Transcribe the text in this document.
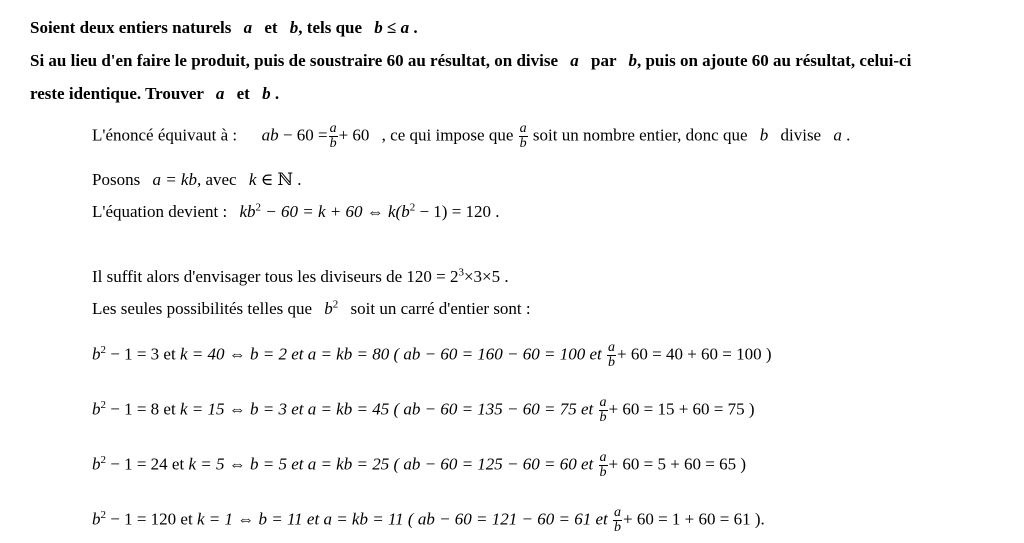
Soient deux entiers naturels a et b, tels que b ≤ a .
Si au lieu d'en faire le produit, puis de soustraire 60 au résultat, on divise a par b, puis on ajoute 60 au résultat, celui-ci
reste identique. Trouver a et b .
L'énoncé équivaut à : ab − $60 = \frac{a}{b} + 60$ , ce qui impose que $\frac{a}{b}$ soit un nombre entier, donc que b divise a .
Posons a = kb, avec k ∈ ℕ .
L'équation devient : $kb^2 - 60 = k + 60$ ⇔ $k(b^2 - 1) = 120$ .
Il suffit alors d'envisager tous les diviseurs de $120 = 2^3\times 3\times 5$ .
Les seules possibilités telles que $b^2$ soit un carré d'entier sont :
$b^2 - 1 = 3$ et k = 40 ⇔ b = 2 et a = kb = 80 ( ab − 60 = 160 − 60 = 100 et $\frac{a}{b} + 60 = 40 + 60 = 100$ )
$b^2 - 1 = 8$ et k = 15 ⇔ b = 3 et a = kb = 45 ( ab − 60 = 135 − 60 = 75 et $\frac{a}{b} + 60 = 15 + 60 = 75$ )
$b^2 - 1 = 24$ et k = 5 ⇔ b = 5 et a = kb = 25 ( ab − 60 = 125 − 60 = 60 et $\frac{a}{b} + 60 = 5 + 60 = 65$ )
$b^2 - 1 = 120$ et k = 1 ⇔ b = 11 et a = kb = 11 ( ab − 60 = 121 − 60 = 61 et $\frac{a}{b} + 60 = 1 + 60 = 61$ ).
